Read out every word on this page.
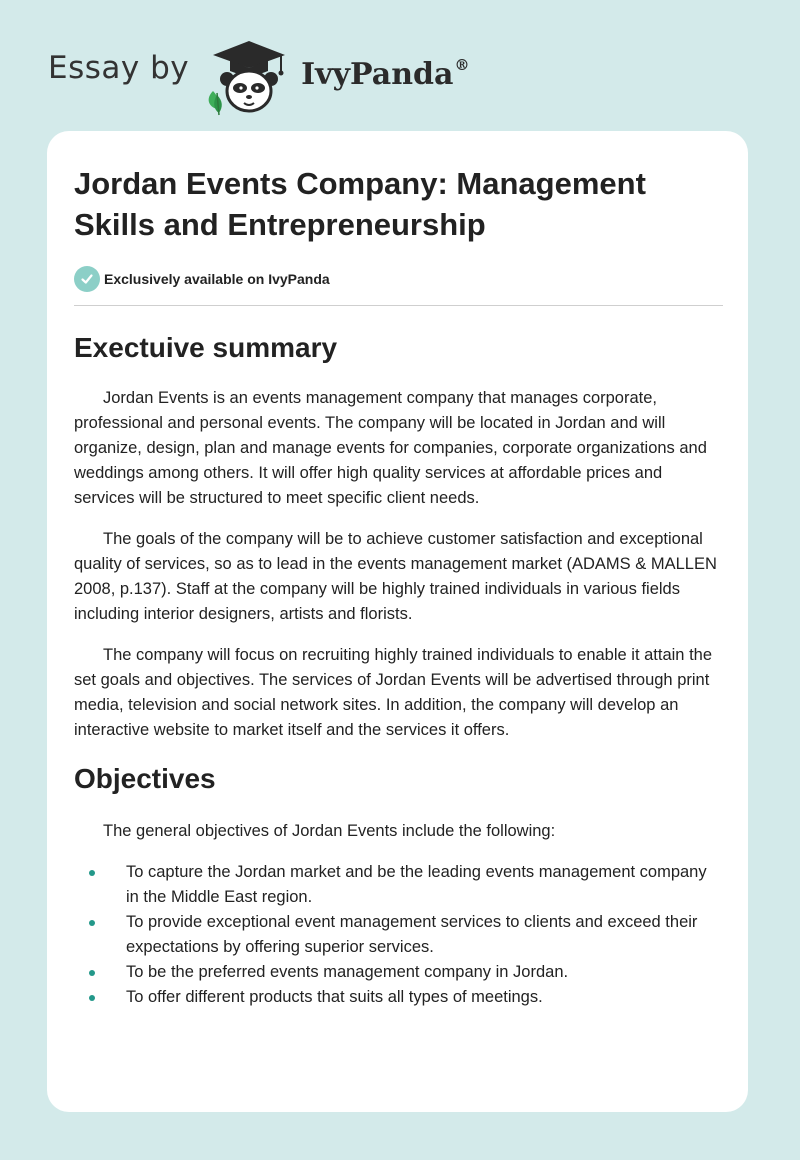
Essay by	IvyPanda®
Jordan Events Company: Management Skills and Entrepreneurship
Exclusively available on IvyPanda
Exectuive summary

Jordan Events is an events management company that manages corporate, professional and personal events. The company will be located in Jordan and will organize, design, plan and manage events for companies, corporate organizations and weddings among others. It will offer high quality services at affordable prices and services will be structured to meet specific client needs.

The goals of the company will be to achieve customer satisfaction and exceptional quality of services, so as to lead in the events management market (ADAMS & MALLEN 2008, p.137). Staff at the company will be highly trained individuals in various fields including interior designers, artists and florists.

The company will focus on recruiting highly trained individuals to enable it attain the set goals and objectives. The services of Jordan Events will be advertised through print media, television and social network sites. In addition, the company will develop an interactive website to market itself and the services it offers.

Objectives

The general objectives of Jordan Events include the following:

To capture the Jordan market and be the leading events management company in the Middle East region.
To provide exceptional event management services to clients and exceed their expectations by offering superior services.
To be the preferred events management company in Jordan.
To offer different products that suits all types of meetings.
